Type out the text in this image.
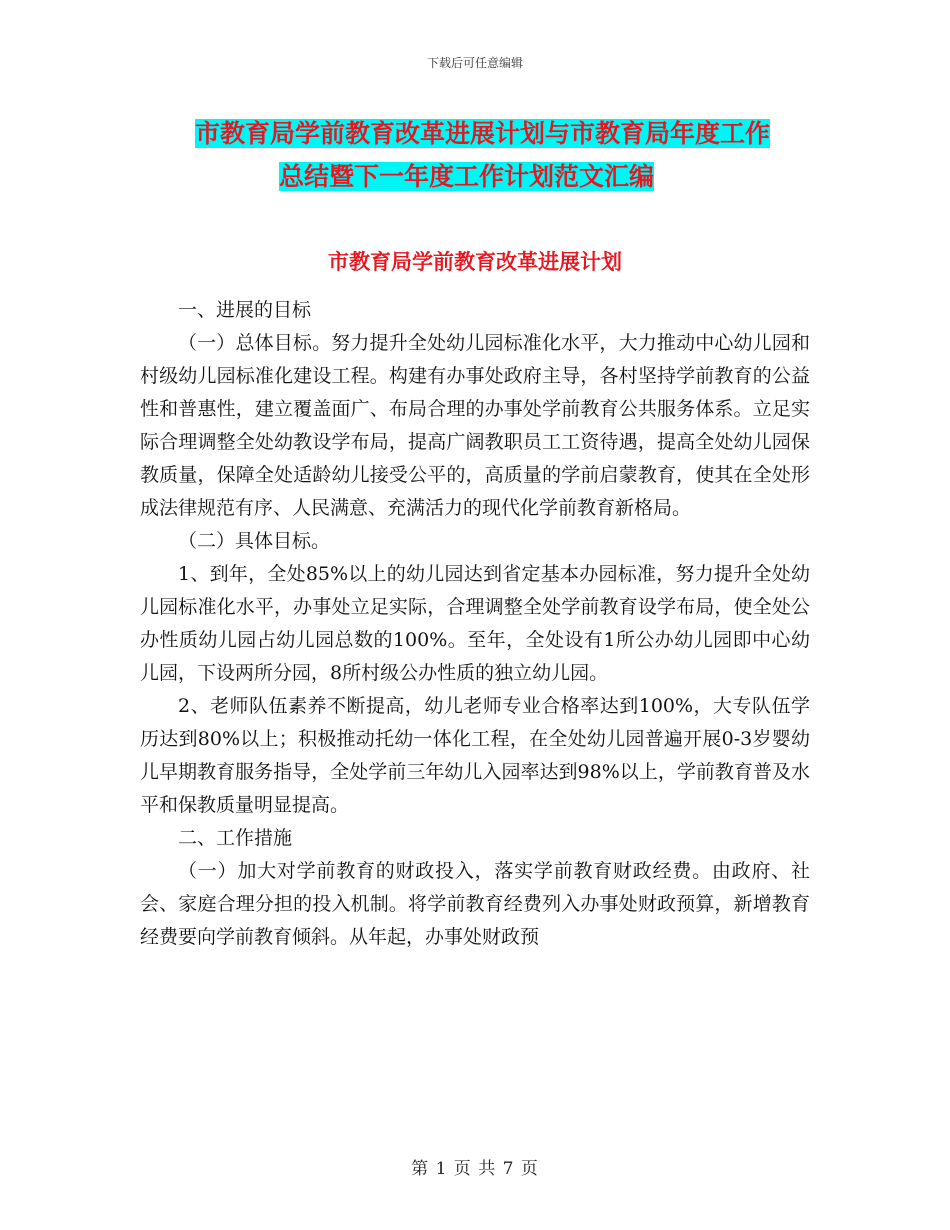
下载后可任意编辑
市教育局学前教育改革进展计划与市教育局年度工作
总结暨下一年度工作计划范文汇编
市教育局学前教育改革进展计划

一、进展的目标

（一）总体目标。努力提升全处幼儿园标准化水平，大力推动中心幼儿园和村级幼儿园标准化建设工程。构建有办事处政府主导，各村坚持学前教育的公益性和普惠性，建立覆盖面广、布局合理的办事处学前教育公共服务体系。立足实际合理调整全处幼教设学布局，提高广阔教职员工工资待遇，提高全处幼儿园保教质量，保障全处适龄幼儿接受公平的，高质量的学前启蒙教育，使其在全处形成法律规范有序、人民满意、充满活力的现代化学前教育新格局。

（二）具体目标。

1、到年，全处85%以上的幼儿园达到省定基本办园标准，努力提升全处幼儿园标准化水平，办事处立足实际，合理调整全处学前教育设学布局，使全处公办性质幼儿园占幼儿园总数的100%。至年，全处设有1所公办幼儿园即中心幼儿园，下设两所分园，8所村级公办性质的独立幼儿园。

2、老师队伍素养不断提高，幼儿老师专业合格率达到100%，大专队伍学历达到80%以上；积极推动托幼一体化工程，在全处幼儿园普遍开展0-3岁婴幼儿早期教育服务指导，全处学前三年幼儿入园率达到98%以上，学前教育普及水平和保教质量明显提高。

二、工作措施

（一）加大对学前教育的财政投入，落实学前教育财政经费。由政府、社会、家庭合理分担的投入机制。将学前教育经费列入办事处财政预算，新增教育经费要向学前教育倾斜。从年起，办事处财政预

第 1 页 共 7 页
